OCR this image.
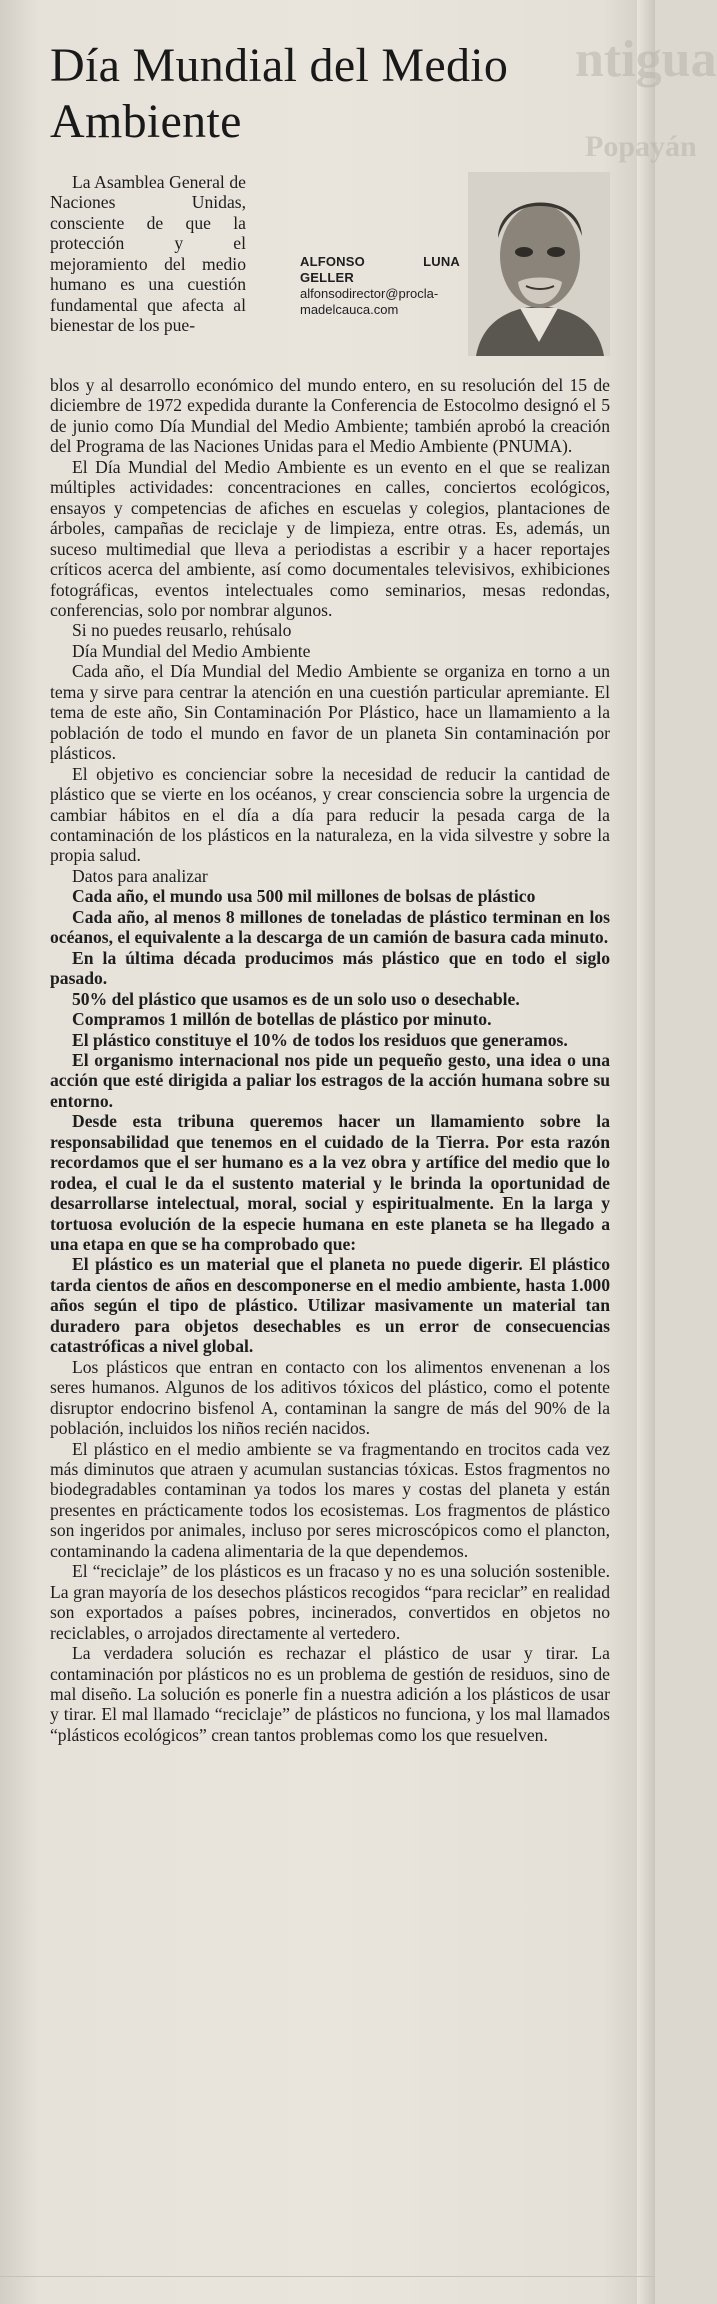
ntigua
Popayán
Día Mundial del Medio Ambiente
La Asamblea General de Naciones Unidas, consciente de que la protección y el mejoramiento del medio humano es una cuestión fundamental que afecta al bienestar de los pue-
ALFONSO LUNA GELLER
alfonsodirector@procla-
madelcauca.com

blos y al desarrollo económico del mundo entero, en su resolución del 15 de diciembre de 1972 expedida durante la Conferencia de Estocolmo designó el 5 de junio como Día Mundial del Medio Ambiente; también aprobó la creación del Programa de las Naciones Unidas para el Medio Ambiente (PNUMA).

El Día Mundial del Medio Ambiente es un evento en el que se realizan múltiples actividades: concentraciones en calles, conciertos ecológicos, ensayos y competencias de afiches en escuelas y colegios, plantaciones de árboles, campañas de reciclaje y de limpieza, entre otras. Es, además, un suceso multimedial que lleva a periodistas a escribir y a hacer reportajes críticos acerca del ambiente, así como documentales televisivos, exhibiciones fotográficas, eventos intelectuales como seminarios, mesas redondas, conferencias, solo por nombrar algunos.

Si no puedes reusarlo, rehúsalo

Día Mundial del Medio Ambiente

Cada año, el Día Mundial del Medio Ambiente se organiza en torno a un tema y sirve para centrar la atención en una cuestión particular apremiante. El tema de este año, Sin Contaminación Por Plástico, hace un llamamiento a la población de todo el mundo en favor de un planeta Sin contaminación por plásticos.

El objetivo es concienciar sobre la necesidad de reducir la cantidad de plástico que se vierte en los océanos, y crear consciencia sobre la urgencia de cambiar hábitos en el día a día para reducir la pesada carga de la contaminación de los plásticos en la naturaleza, en la vida silvestre y sobre la propia salud.

Datos para analizar

Cada año, el mundo usa 500 mil millones de bolsas de plástico

Cada año, al menos 8 millones de toneladas de plástico terminan en los océanos, el equivalente a la descarga de un camión de basura cada minuto.

En la última década producimos más plástico que en todo el siglo pasado.

50% del plástico que usamos es de un solo uso o desechable.

Compramos 1 millón de botellas de plástico por minuto.

El plástico constituye el 10% de todos los residuos que generamos.

El organismo internacional nos pide un pequeño gesto, una idea o una acción que esté dirigida a paliar los estragos de la acción humana sobre su entorno.

Desde esta tribuna queremos hacer un llamamiento sobre la responsabilidad que tenemos en el cuidado de la Tierra. Por esta razón recordamos que el ser humano es a la vez obra y artífice del medio que lo rodea, el cual le da el sustento material y le brinda la oportunidad de desarrollarse intelectual, moral, social y espiritualmente. En la larga y tortuosa evolución de la especie humana en este planeta se ha llegado a una etapa en que se ha comprobado que:

El plástico es un material que el planeta no puede digerir. El plástico tarda cientos de años en descomponerse en el medio ambiente, hasta 1.000 años según el tipo de plástico. Utilizar masivamente un material tan duradero para objetos desechables es un error de consecuencias catastróficas a nivel global.

Los plásticos que entran en contacto con los alimentos envenenan a los seres humanos. Algunos de los aditivos tóxicos del plástico, como el potente disruptor endocrino bisfenol A, contaminan la sangre de más del 90% de la población, incluidos los niños recién nacidos.

El plástico en el medio ambiente se va fragmentando en trocitos cada vez más diminutos que atraen y acumulan sustancias tóxicas. Estos fragmentos no biodegradables contaminan ya todos los mares y costas del planeta y están presentes en prácticamente todos los ecosistemas. Los fragmentos de plástico son ingeridos por animales, incluso por seres microscópicos como el plancton, contaminando la cadena alimentaria de la que dependemos.

El “reciclaje” de los plásticos es un fracaso y no es una solución sostenible. La gran mayoría de los desechos plásticos recogidos “para reciclar” en realidad son exportados a países pobres, incinerados, convertidos en objetos no reciclables, o arrojados directamente al vertedero.

La verdadera solución es rechazar el plástico de usar y tirar. La contaminación por plásticos no es un problema de gestión de residuos, sino de mal diseño. La solución es ponerle fin a nuestra adición a los plásticos de usar y tirar. El mal llamado “reciclaje” de plásticos no funciona, y los mal llamados “plásticos ecológicos” crean tantos problemas como los que resuelven.
